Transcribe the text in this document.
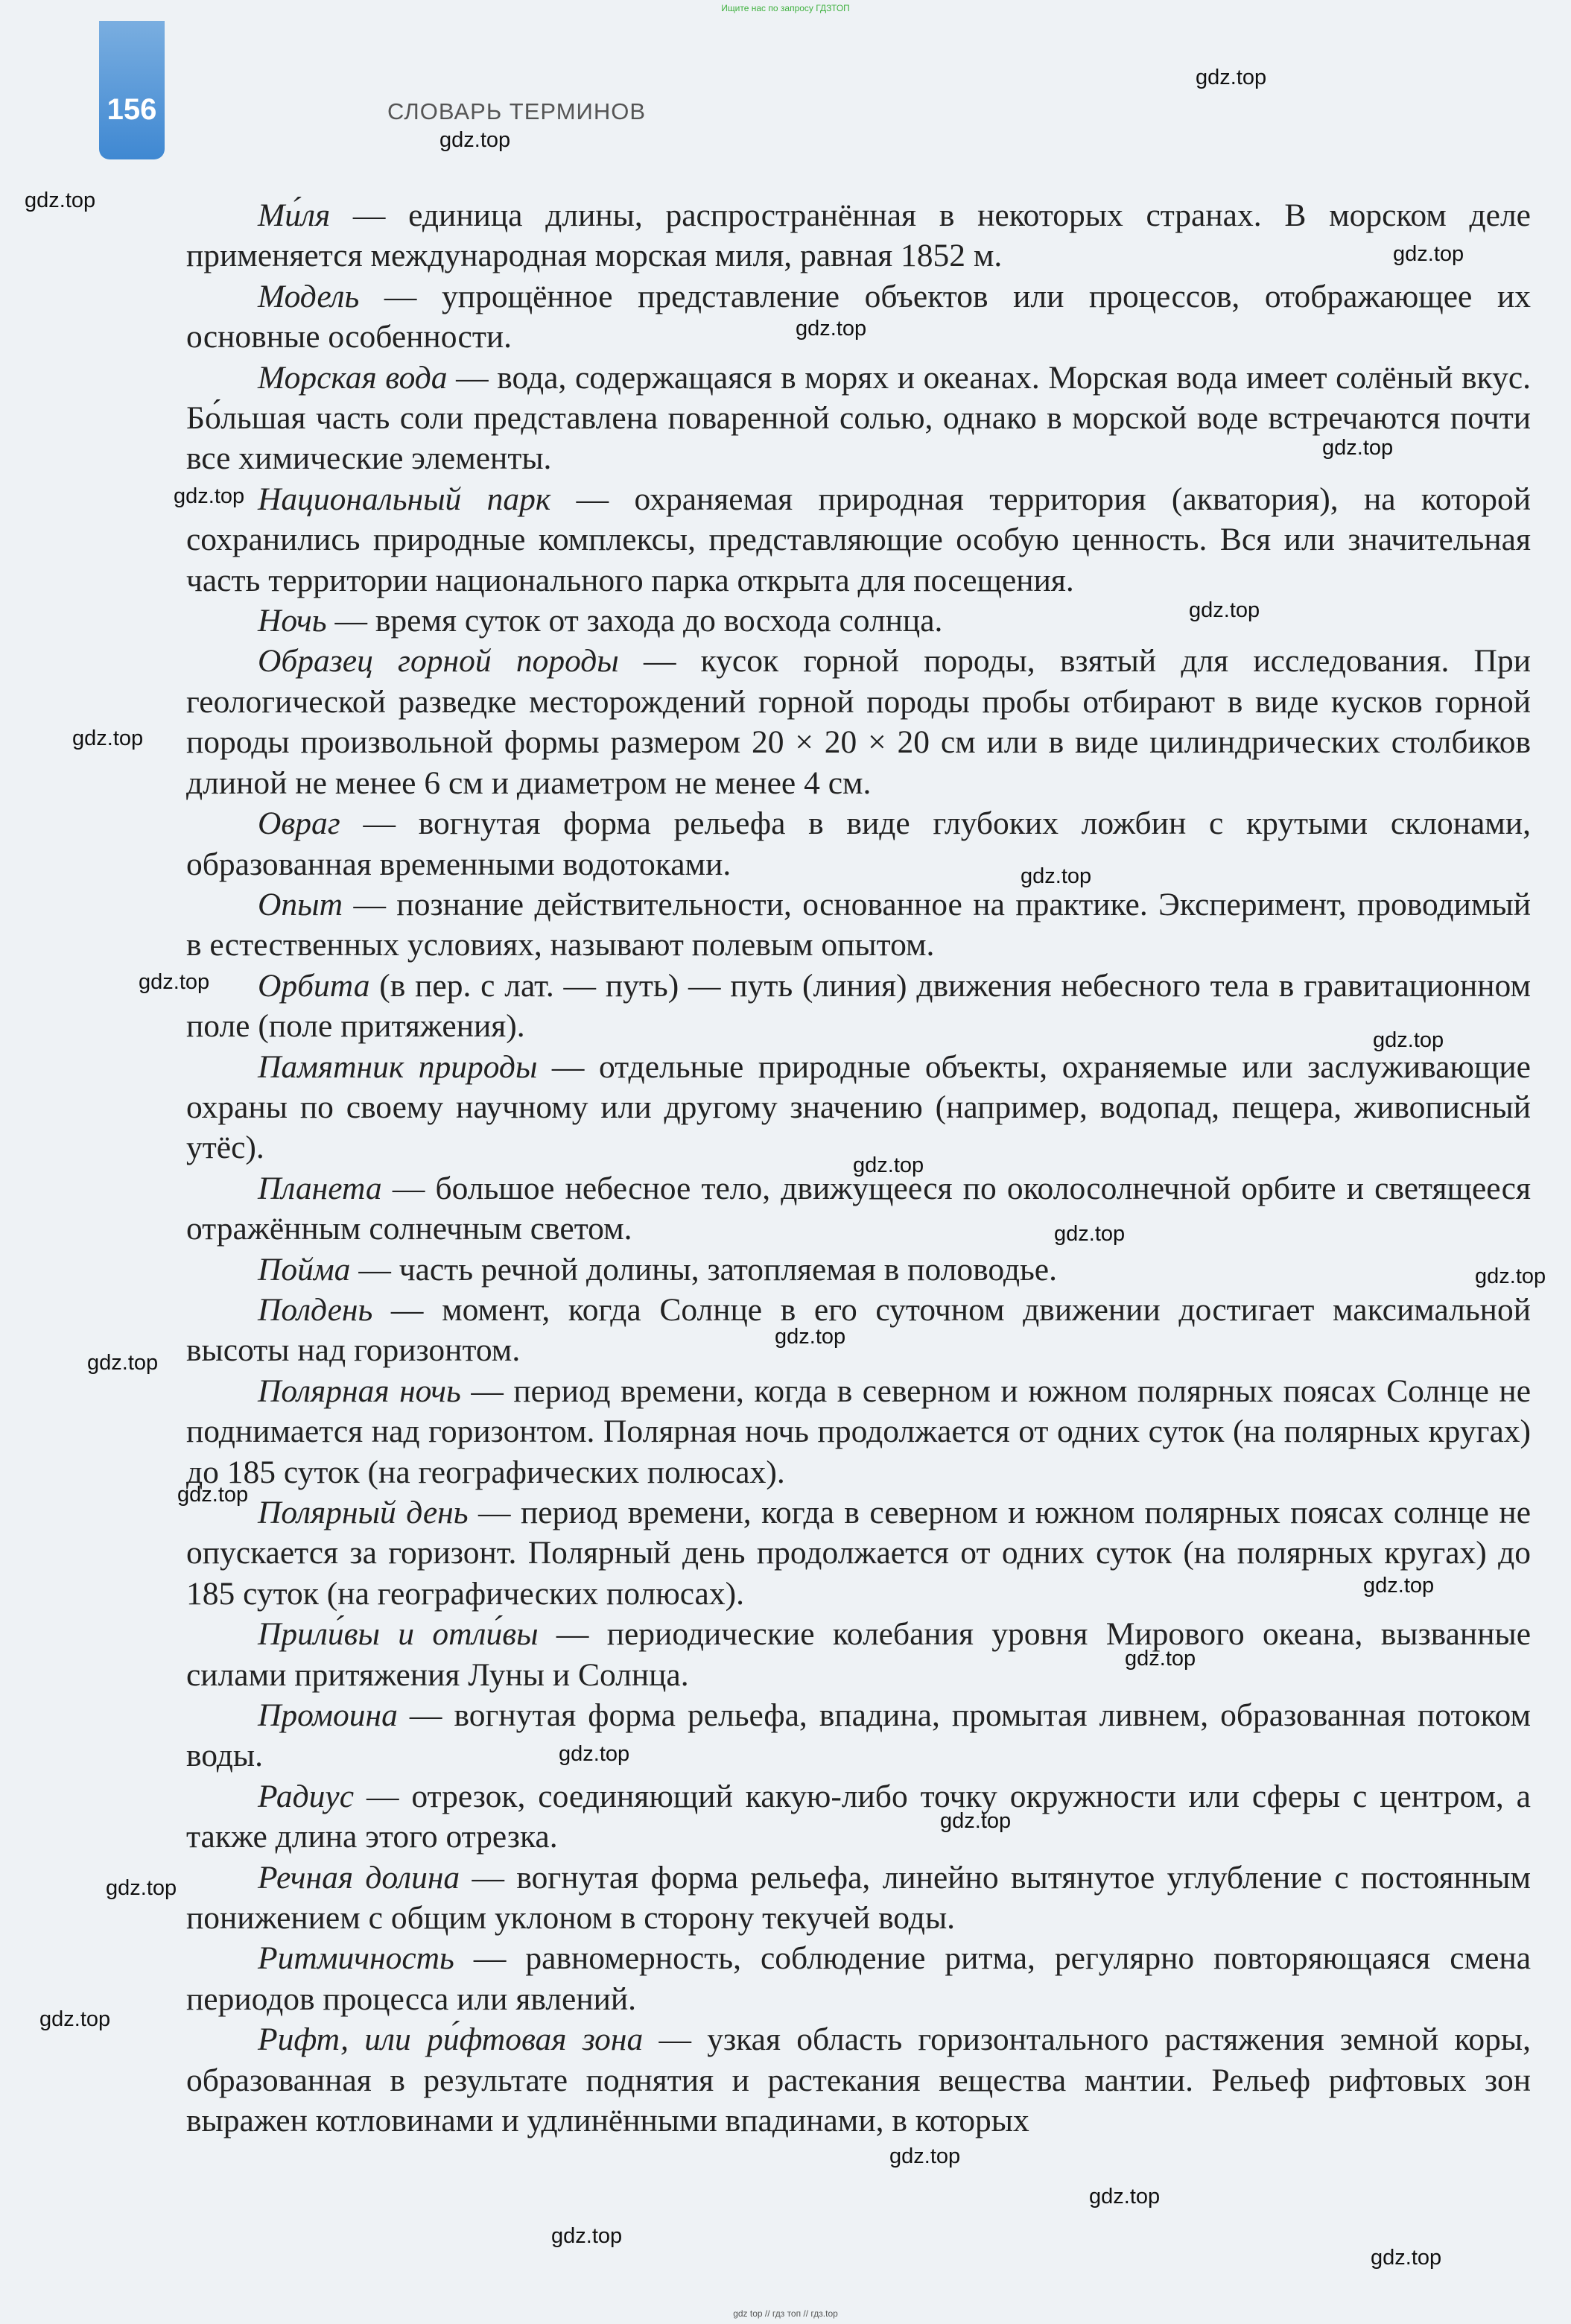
Ищите нас по запросу ГДЗТОП
156	СЛОВАРЬ ТЕРМИНОВ

Ми́ля — единица длины, распространённая в некоторых странах. В морском деле применяется международная морская миля, равная 1852 м.

Модель — упрощённое представление объектов или процессов, отображающее их основные особенности.

Морская вода — вода, содержащаяся в морях и океанах. Морская вода имеет солёный вкус. Бо́льшая часть соли представлена поваренной солью, однако в морской воде встречаются почти все химические элементы.

Национальный парк — охраняемая природная территория (акватория), на которой сохранились природные комплексы, представляющие особую ценность. Вся или значительная часть территории национального парка открыта для посещения.

Ночь — время суток от захода до восхода солнца.

Образец горной породы — кусок горной породы, взятый для исследования. При геологической разведке месторождений горной породы пробы отбирают в виде кусков горной породы произвольной формы размером 20 × 20 × 20 см или в виде цилиндрических столбиков длиной не менее 6 см и диаметром не менее 4 см.

Овраг — вогнутая форма рельефа в виде глубоких ложбин с крутыми склонами, образованная временными водотоками.

Опыт — познание действительности, основанное на практике. Эксперимент, проводимый в естественных условиях, называют полевым опытом.

Орбита (в пер. с лат. — путь) — путь (линия) движения небесного тела в гравитационном поле (поле притяжения).

Памятник природы — отдельные природные объекты, охраняемые или заслуживающие охраны по своему научному или другому значению (например, водопад, пещера, живописный утёс).

Планета — большое небесное тело, движущееся по околосолнечной орбите и светящееся отражённым солнечным светом.

Пойма — часть речной долины, затопляемая в половодье.

Полдень — момент, когда Солнце в его суточном движении достигает максимальной высоты над горизонтом.

Полярная ночь — период времени, когда в северном и южном полярных поясах Солнце не поднимается над горизонтом. Полярная ночь продолжается от одних суток (на полярных кругах) до 185 суток (на географических полюсах).

Полярный день — период времени, когда в северном и южном полярных поясах солнце не опускается за горизонт. Полярный день продолжается от одних суток (на полярных кругах) до 185 суток (на географических полюсах).

Прили́вы и отли́вы — периодические колебания уровня Мирового океана, вызванные силами притяжения Луны и Солнца.

Промоина — вогнутая форма рельефа, впадина, промытая ливнем, образованная потоком воды.

Радиус — отрезок, соединяющий какую-либо точку окружности или сферы с центром, а также длина этого отрезка.

Речная долина — вогнутая форма рельефа, линейно вытянутое углубление с постоянным понижением с общим уклоном в сторону текучей воды.

Ритмичность — равномерность, соблюдение ритма, регулярно повторяющаяся смена периодов процесса или явлений.

Рифт, или ри́фтовая зона — узкая область горизонтального растяжения земной коры, образованная в результате поднятия и растекания вещества мантии. Рельеф рифтовых зон выражен котловинами и удлинёнными впадинами, в которых

gdz.top
gdz.top
gdz.top
gdz.top
gdz.top
gdz.top
gdz.top
gdz.top
gdz.top
gdz.top
gdz.top
gdz.top
gdz.top
gdz.top
gdz.top
gdz.top
gdz.top
gdz.top
gdz.top
gdz.top
gdz.top
gdz.top
gdz.top
gdz.top
gdz.top
gdz.top
gdz.top
gdz.top
gdz top // гдз топ // гдз.top
